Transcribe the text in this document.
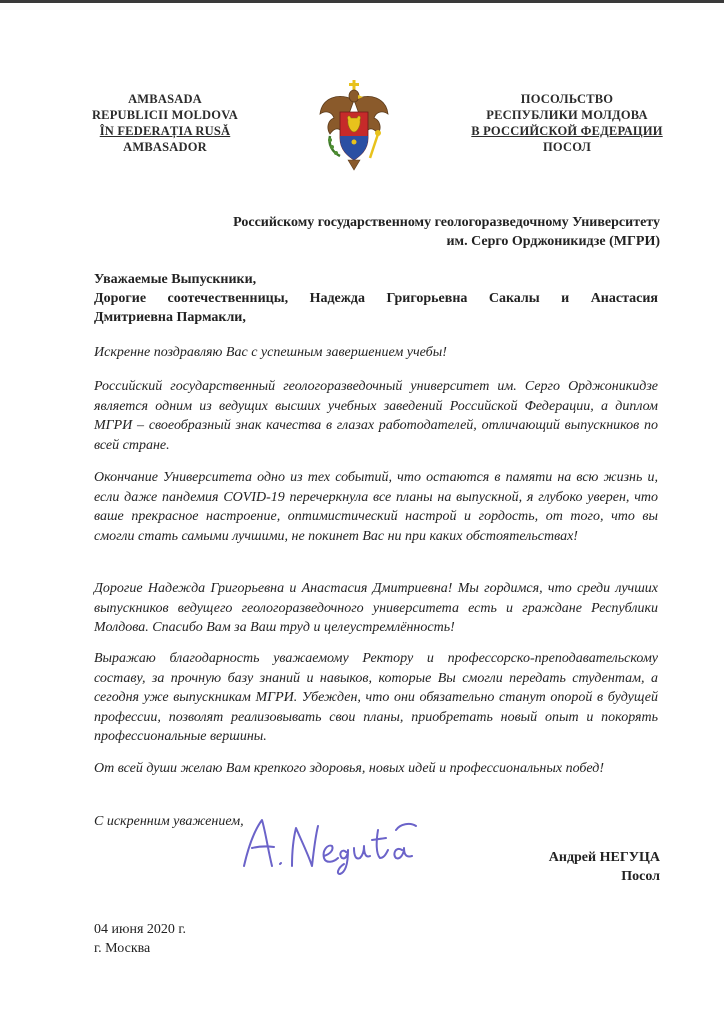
AMBASADA
REPUBLICII MOLDOVA
ÎN FEDERAȚIA RUSĂ
AMBASADOR
ПОСОЛЬСТВО
РЕСПУБЛИКИ МОЛДОВА
В РОССИЙСКОЙ ФЕДЕРАЦИИ
ПОСОЛ
Российскому государственному геологоразведочному Университету
им. Серго Орджоникидзе (МГРИ)
Уважаемые Выпускники,
Дорогие соотечественницы, Надежда Григорьевна Сакалы и Анастасия
Дмитриевна Пармакли,
Искренне поздравляю Вас с успешным завершением учебы!
Российский государственный геологоразведочный университет им. Серго Орджоникидзе является одним из ведущих высших учебных заведений Российской Федерации, а диплом МГРИ – своеобразный знак качества в глазах работодателей, отличающий выпускников по всей стране.
Окончание Университета одно из тех событий, что остаются в памяти на всю жизнь и, если даже пандемия COVID-19 перечеркнула все планы на выпускной, я глубоко уверен, что ваше прекрасное настроение, оптимистический настрой и гордость, от того, что вы смогли стать самыми лучшими, не покинет Вас ни при каких обстоятельствах!
Дорогие Надежда Григорьевна и Анастасия Дмитриевна! Мы гордимся, что среди лучших выпускников ведущего геологоразведочного университета есть и граждане Республики Молдова. Спасибо Вам за Ваш труд и целеустремлённость!
Выражаю благодарность уважаемому Ректору и профессорско-преподавательскому составу, за прочную базу знаний и навыков, которые Вы смогли передать студентам, а сегодня уже выпускникам МГРИ. Убежден, что они обязательно станут опорой в будущей профессии, позволят реализовывать свои планы, приобретать новый опыт и покорять профессиональные вершины.
От всей души желаю Вам крепкого здоровья, новых идей и профессиональных побед!
С искренним уважением,
Андрей НЕГУЦА
Посол
04 июня 2020 г.
г. Москва
